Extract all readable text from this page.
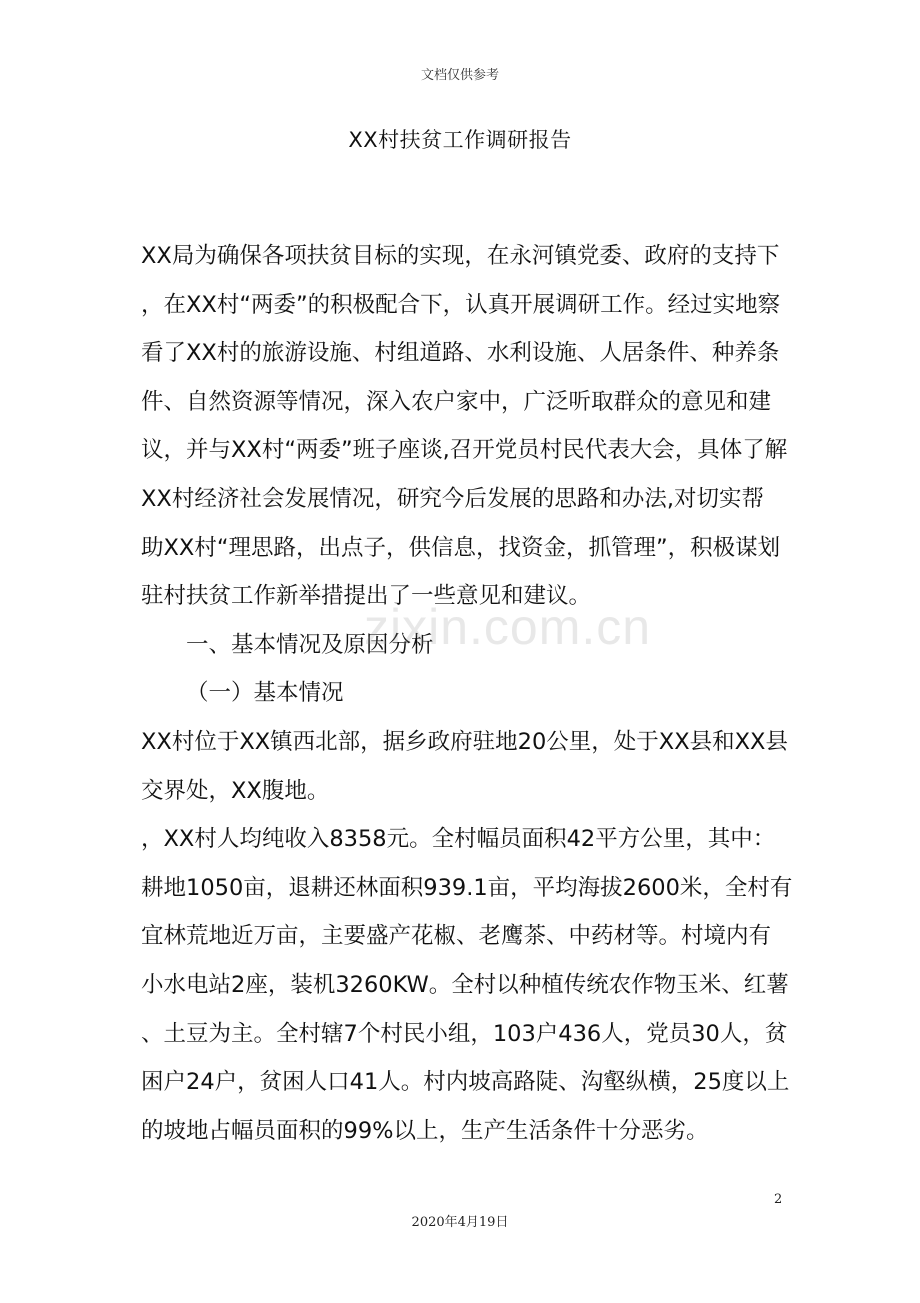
文档仅供参考
XX村扶贫工作调研报告
XX局为确保各项扶贫目标的实现，在永河镇党委、政府的支持下
，在XX村“两委”的积极配合下，认真开展调研工作。经过实地察
看了XX村的旅游设施、村组道路、水利设施、人居条件、种养条
件、自然资源等情况，深入农户家中，广泛听取群众的意见和建
议，并与XX村“两委”班子座谈,召开党员村民代表大会，具体了解
XX村经济社会发展情况，研究今后发展的思路和办法,对切实帮
助XX村“理思路，出点子，供信息，找资金，抓管理”，积极谋划
驻村扶贫工作新举措提出了一些意见和建议。
一、基本情况及原因分析
（一）基本情况
XX村位于XX镇西北部，据乡政府驻地20公里，处于XX县和XX县
交界处，XX腹地。
，XX村人均纯收入8358元。全村幅员面积42平方公里，其中：
耕地1050亩，退耕还林面积939.1亩，平均海拔2600米，全村有
宜林荒地近万亩，主要盛产花椒、老鹰茶、中药材等。村境内有
小水电站2座，装机3260KW。全村以种植传统农作物玉米、红薯
、土豆为主。全村辖7个村民小组，103户436人，党员30人，贫
困户24户，贫困人口41人。村内坡高路陡、沟壑纵横，25度以上
的坡地占幅员面积的99%以上，生产生活条件十分恶劣。
zixin.com.cn
2
2020年4月19日
